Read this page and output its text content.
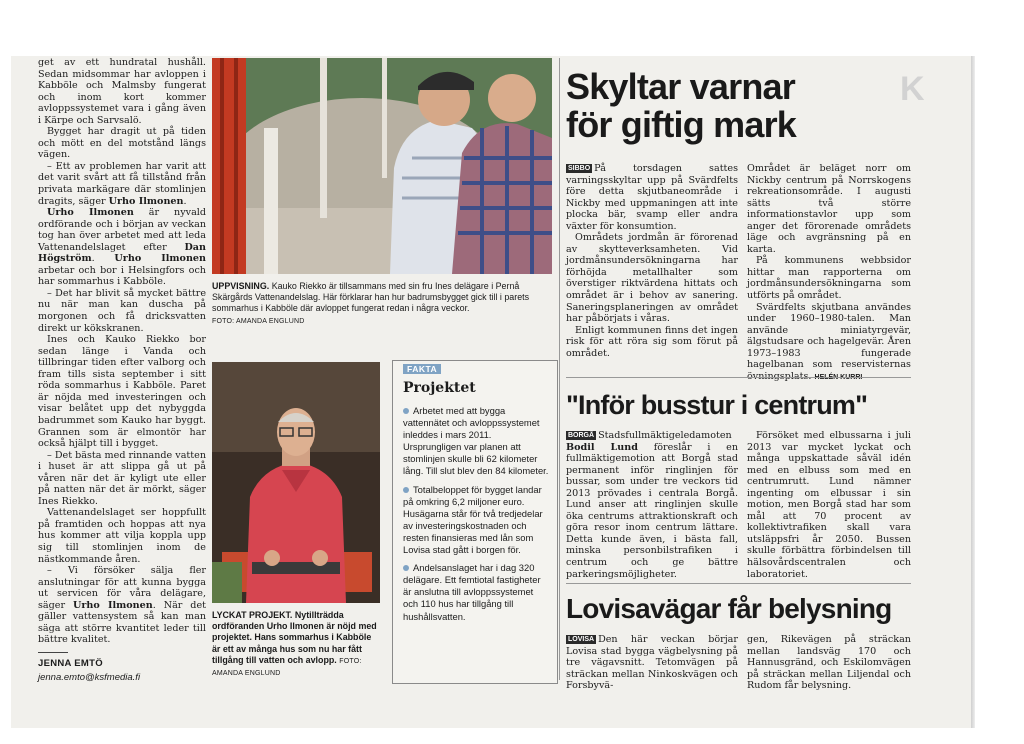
K

get av ett hundratal hushåll. Sedan midsommar har avloppen i Kabböle och Malmsby fungerat och inom kort kommer avloppssystemet vara i gång även i Kärpe och Sarvsalö.

Bygget har dragit ut på tiden och mött en del motstånd längs vägen.

– Ett av problemen har varit att det varit svårt att få tillstånd från privata markägare där stomlinjen dragits, säger Urho Ilmonen.

Urho Ilmonen är nyvald ordförande och i början av veckan tog han över arbetet med att leda Vattenandelslaget efter Dan Högström. Urho Ilmonen arbetar och bor i Helsingfors och har sommarhus i Kabböle.

– Det har blivit så mycket bättre nu när man kan duscha på morgonen och få dricksvatten direkt ur kökskranen.

Ines och Kauko Riekko bor sedan länge i Vanda och tillbringar tiden efter valborg och fram tills sista september i sitt röda sommarhus i Kabböle. Paret är nöjda med investeringen och visar belåtet upp det nybyggda badrummet som Kauko har byggt. Grannen som är elmontör har också hjälpt till i bygget.

– Det bästa med rinnande vatten i huset är att slippa gå ut på våren när det är kyligt ute eller på natten när det är mörkt, säger Ines Riekko.

Vattenandelslaget ser hoppfullt på framtiden och hoppas att nya hus kommer att vilja koppla upp sig till stomlinjen inom de nästkommande åren.

– Vi försöker sälja fler anslutningar för att kunna bygga ut servicen för våra delägare, säger Urho Ilmonen. När det gäller vattensystem så kan man säga att större kvantitet leder till bättre kvalitet.

JENNA EMTÖ
jenna.emto@ksfmedia.fi
UPPVISNING. Kauko Riekko är tillsammans med sin fru Ines delägare i Pernå Skärgårds Vattenandelslag. Här förklarar han hur badrumsbygget gick till i parets sommarhus i Kabböle där avloppet fungerat redan i några veckor.
FOTO: AMANDA ENGLUND
LYCKAT PROJEKT. Nytillträdda ordföranden Urho Ilmonen är nöjd med projektet. Hans sommarhus i Kabböle är ett av många hus som nu har fått tillgång till vatten och avlopp. FOTO: AMANDA ENGLUND
FAKTA
Projektet
Arbetet med att bygga vattennätet och avloppssystemet inleddes i mars 2011. Ursprungligen var planen att stomlinjen skulle bli 62 kilometer lång. Till slut blev den 84 kilometer.
Totalbeloppet för bygget landar på omkring 6,2 miljoner euro. Husägarna står för två tredjedelar av investeringskostnaden och resten finansieras med lån som Lovisa stad gått i borgen för.
Andelsanslaget har i dag 320 delägare. Ett femtiotal fastigheter är anslutna till avloppssystemet och 110 hus har tillgång till hushållsvatten.
Skyltar varnar
för giftig mark

SIBBO På torsdagen sattes varningsskyltar upp på Svärdfelts före detta skjutbaneområde i Nickby med uppmaningen att inte plocka bär, svamp eller andra växter för konsumtion.

Områdets jordmån är förorenad av skytteverksamheten. Vid jordmånsundersökningarna har förhöjda metallhalter som överstiger riktvärdena hittats och området är i behov av sanering. Saneringsplaneringen av området har påbörjats i våras.

Enligt kommunen finns det ingen risk för att röra sig som förut på området.

Området är beläget norr om Nickby centrum på Norrskogens rekreationsområde. I augusti sätts två större informationstavlor upp som anger det förorenade områdets läge och avgränsning på en karta.

På kommunens webbsidor hittar man rapporterna om jordmånsundersökningarna som utförts på området.

Svärdfelts skjutbana användes under 1960–1980-talen. Man använde miniatyrgevär, älgstudsare och hagelgevär. Åren 1973–1983 fungerade hagelbanan som reservisternas

"Inför busstur i centrum"

BORGÅ Stadsfullmäktigeledamoten Bodil Lund föreslår i en fullmäktigemotion att Borgå stad permanent inför ringlinjen för bussar, som under tre veckors tid 2013 prövades i centrala Borgå. Lund anser att ringlinjen skulle öka centrums attraktionskraft och göra resor inom centrum lättare. Detta kunde även, i bästa fall, minska personbilstrafiken i centrum och ge bättre parkeringsmöjligheter.

Försöket med elbussarna i juli 2013 var mycket lyckat och många uppskattade såväl idén med en elbuss som med en centrumrutt. Lund nämner ingenting om elbussar i sin motion, men Borgå stad har som mål att 70 procent av kollektivtrafiken skall vara utsläppsfri år 2050. Bussen skulle förbättra förbindelsen till hälsovårdscentralen och laboratoriet.

Lovisavägar får belysning

LOVISA Den här veckan börjar Lovisa stad bygga vägbelysning på tre vägavsnitt. Tetomvägen på sträckan mellan Ninkoskvägen och Forsbyvä-

gen, Rikevägen på sträckan mellan landsväg 170 och Hannusgränd, och Eskilomvägen på sträckan mellan Liljendal och Rudom får belysning.
